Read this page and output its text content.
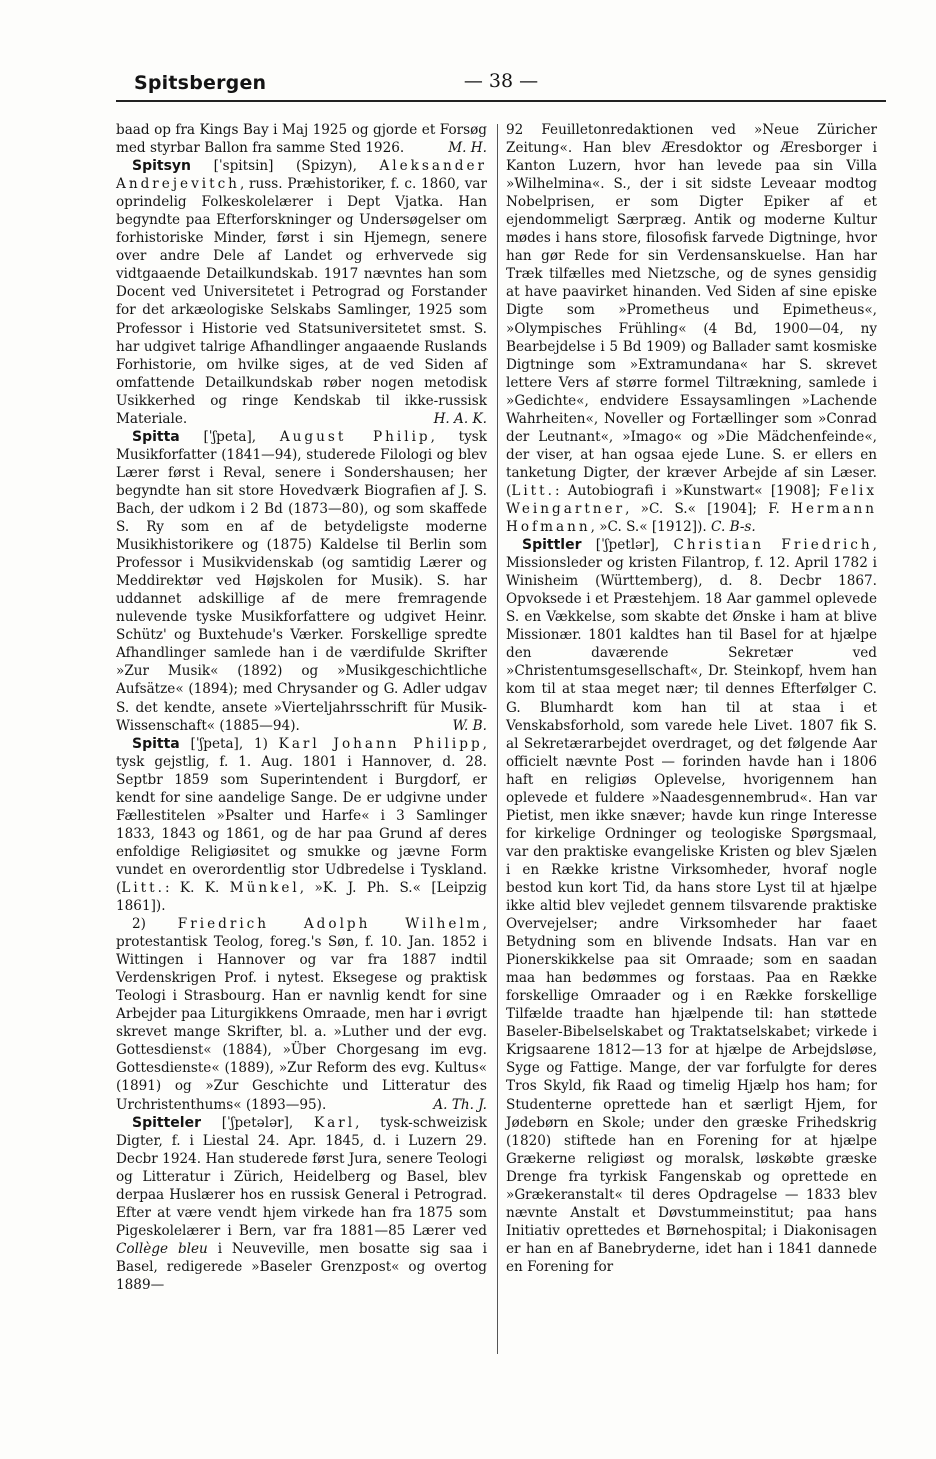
Spitsbergen	— 38 —

baad op fra Kings Bay i Maj 1925 og gjorde et Forsøg med styrbar Ballon fra samme Sted 1926.	M. H.

Spitsyn [ˈspitsin] (Spizyn), Aleksander Andrejevitch, russ. Præhistoriker, f. c. 1860, var oprindelig Folkeskolelærer i Dept Vjatka. Han begyndte paa Efterforskninger og Undersøgelser om forhistoriske Minder, først i sin Hjemegn, senere over andre Dele af Landet og erhvervede sig vidtgaaende Detailkundskab. 1917 nævntes han som Docent ved Universitetet i Petrograd og Forstander for det arkæologiske Selskabs Samlinger, 1925 som Professor i Historie ved Statsuniversitetet smst. S. har udgivet talrige Afhandlinger angaaende Ruslands Forhistorie, om hvilke siges, at de ved Siden af omfattende Detailkundskab røber nogen metodisk Usikkerhed og ringe Kendskab til ikke-russisk Materiale.	H. A. K.

Spitta [ˈʃpeta], August Philip, tysk Musikforfatter (1841—94), studerede Filologi og blev Lærer først i Reval, senere i Sondershausen; her begyndte han sit store Hovedværk Biografien af J. S. Bach, der udkom i 2 Bd (1873—80), og som skaffede S. Ry som en af de betydeligste moderne Musikhistorikere og (1875) Kaldelse til Berlin som Professor i Musikvidenskab (og samtidig Lærer og Meddirektør ved Højskolen for Musik). S. har uddannet adskillige af de mere fremragende nulevende tyske Musikforfattere og udgivet Heinr. Schütz' og Buxtehude's Værker. Forskellige spredte Afhandlinger samlede han i de værdifulde Skrifter »Zur Musik« (1892) og »Musikgeschichtliche Aufsätze« (1894); med Chrysander og G. Adler udgav S. det kendte, ansete »Vierteljahrsschrift für Musik-Wissenschaft« (1885—94).	W. B.

Spitta [ˈʃpeta], 1) Karl Johann Philipp, tysk gejstlig, f. 1. Aug. 1801 i Hannover, d. 28. Septbr 1859 som Superintendent i Burgdorf, er kendt for sine aandelige Sange. De er udgivne under Fællestitelen »Psalter und Harfe« i 3 Samlinger 1833, 1843 og 1861, og de har paa Grund af deres enfoldige Religiøsitet og smukke og jævne Form vundet en overordentlig stor Udbredelse i Tyskland. (Litt.: K. K. Münkel, »K. J. Ph. S.« [Leipzig 1861]).

2) Friedrich Adolph Wilhelm, protestantisk Teolog, foreg.'s Søn, f. 10. Jan. 1852 i Wittingen i Hannover og var fra 1887 indtil Verdenskrigen Prof. i nytest. Eksegese og praktisk Teologi i Strasbourg. Han er navnlig kendt for sine Arbejder paa Liturgikkens Omraade, men har i øvrigt skrevet mange Skrifter, bl. a. »Luther und der evg. Gottesdienst« (1884), »Über Chorgesang im evg. Gottesdienste« (1889), »Zur Reform des evg. Kultus« (1891) og »Zur Geschichte und Litteratur des Urchristenthums« (1893—95).	A. Th. J.

Spitteler [ˈʃpetələr], Karl, tysk-schweizisk Digter, f. i Liestal 24. Apr. 1845, d. i Luzern 29. Decbr 1924. Han studerede først Jura, senere Teologi og Litteratur i Zürich, Heidelberg og Basel, blev derpaa Huslærer hos en russisk General i Petrograd. Efter at være vendt hjem virkede han fra 1875 som Pigeskolelærer i Bern, var fra 1881—85 Lærer ved Collège bleu i Neuveville, men bosatte sig saa i Basel, redigerede »Baseler Grenzpost« og overtog 1889—

92 Feuilletonredaktionen ved »Neue Züricher Zeitung«. Han blev Æresdoktor og Æresborger i Kanton Luzern, hvor han levede paa sin Villa »Wilhelmina«. S., der i sit sidste Leveaar modtog Nobelprisen, er som Digter Epiker af et ejendommeligt Særpræg. Antik og moderne Kultur mødes i hans store, filosofisk farvede Digtninge, hvor han gør Rede for sin Verdensanskuelse. Han har Træk tilfælles med Nietzsche, og de synes gensidig at have paavirket hinanden. Ved Siden af sine episke Digte som »Prometheus und Epimetheus«, »Olympisches Frühling« (4 Bd, 1900—04, ny Bearbejdelse i 5 Bd 1909) og Ballader samt kosmiske Digtninge som »Extramundana« har S. skrevet lettere Vers af større formel Tiltrækning, samlede i »Gedichte«, endvidere Essaysamlingen »Lachende Wahrheiten«, Noveller og Fortællinger som »Conrad der Leutnant«, »Imago« og »Die Mädchenfeinde«, der viser, at han ogsaa ejede Lune. S. er ellers en tanketung Digter, der kræver Arbejde af sin Læser. (Litt.: Autobiografi i »Kunstwart« [1908]; Felix Weingartner, »C. S.« [1904]; F. Hermann Hofmann, »C. S.« [1912]). C. B-s.

Spittler [ˈʃpetlər], Christian Friedrich, Missionsleder og kristen Filantrop, f. 12. April 1782 i Winisheim (Württemberg), d. 8. Decbr 1867. Opvoksede i et Præstehjem. 18 Aar gammel oplevede S. en Vækkelse, som skabte det Ønske i ham at blive Missionær. 1801 kaldtes han til Basel for at hjælpe den daværende Sekretær ved »Christentumsgesellschaft«, Dr. Steinkopf, hvem han kom til at staa meget nær; til dennes Efterfølger C. G. Blumhardt kom han til at staa i et Venskabsforhold, som varede hele Livet. 1807 fik S. al Sekretærarbejdet overdraget, og det følgende Aar officielt nævnte Post — forinden havde han i 1806 haft en religiøs Oplevelse, hvorigennem han oplevede et fuldere »Naadesgennembrud«. Han var Pietist, men ikke snæver; havde kun ringe Interesse for kirkelige Ordninger og teologiske Spørgsmaal, var den praktiske evangeliske Kristen og blev Sjælen i en Række kristne Virksomheder, hvoraf nogle bestod kun kort Tid, da hans store Lyst til at hjælpe ikke altid blev vejledet gennem tilsvarende praktiske Overvejelser; andre Virksomheder har faaet Betydning som en blivende Indsats. Han var en Pionerskikkelse paa sit Omraade; som en saadan maa han bedømmes og forstaas. Paa en Række forskellige Omraader og i en Række forskellige Tilfælde traadte han hjælpende til: han støttede Baseler-Bibelselskabet og Traktatselskabet; virkede i Krigsaarene 1812—13 for at hjælpe de Arbejdsløse, Syge og Fattige. Mange, der var forfulgte for deres Tros Skyld, fik Raad og timelig Hjælp hos ham; for Studenterne oprettede han et særligt Hjem, for Jødebørn en Skole; under den græske Frihedskrig (1820) stiftede han en Forening for at hjælpe Grækerne religiøst og moralsk, løskøbte græske Drenge fra tyrkisk Fangenskab og oprettede en »Grækeranstalt« til deres Opdragelse — 1833 blev nævnte Anstalt et Døvstummeinstitut; paa hans Initiativ oprettedes et Børnehospital; i Diakonisagen er han en af Banebryderne, idet han i 1841 dannede en Forening for
